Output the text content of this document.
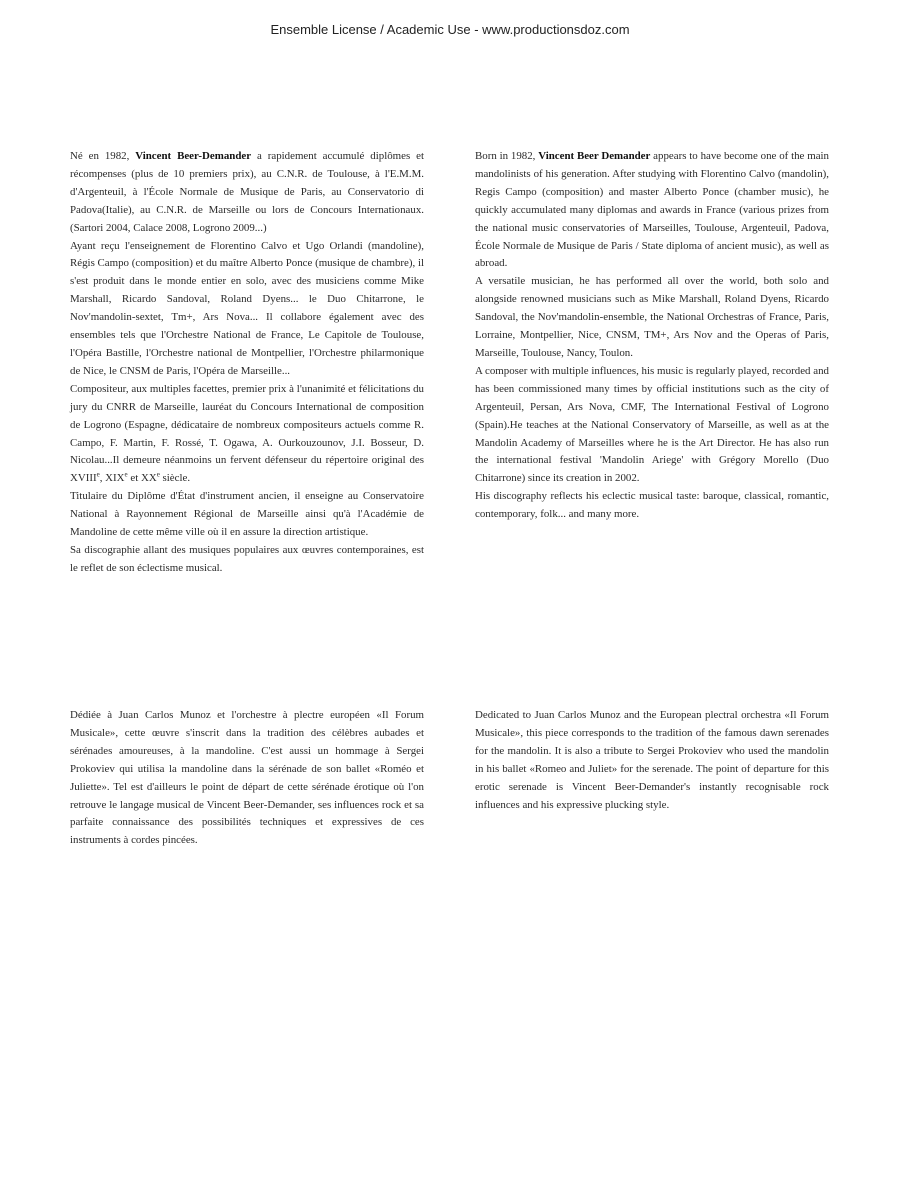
Ensemble License / Academic Use - www.productionsdoz.com

Né en 1982, Vincent Beer-Demander a rapidement accumulé diplômes et récompenses (plus de 10 premiers prix), au C.N.R. de Toulouse, à l'E.M.M. d'Argenteuil, à l'École Normale de Musique de Paris, au Conservatorio di Padova(Italie), au C.N.R. de Marseille ou lors de Concours Internationaux. (Sartori 2004, Calace 2008, Logrono 2009...)

Ayant reçu l'enseignement de Florentino Calvo et Ugo Orlandi (mandoline), Régis Campo (composition) et du maître Alberto Ponce (musique de chambre), il s'est produit dans le monde entier en solo, avec des musiciens comme Mike Marshall, Ricardo Sandoval, Roland Dyens... le Duo Chitarrone, le Nov'mandolin-sextet, Tm+, Ars Nova... Il collabore également avec des ensembles tels que l'Orchestre National de France, Le Capitole de Toulouse, l'Opéra Bastille, l'Orchestre national de Montpellier, l'Orchestre philarmonique de Nice, le CNSM de Paris, l'Opéra de Marseille...

Compositeur, aux multiples facettes, premier prix à l'unanimité et félicitations du jury du CNRR de Marseille, lauréat du Concours International de composition de Logrono (Espagne, dédicataire de nombreux compositeurs actuels comme R. Campo, F. Martin, F. Rossé, T. Ogawa, A. Ourkouzounov, J.I. Bosseur, D. Nicolau...Il demeure néanmoins un fervent défenseur du répertoire original des XVIIIe, XIXe et XXe siècle.

Titulaire du Diplôme d'État d'instrument ancien, il enseigne au Conservatoire National à Rayonnement Régional de Marseille ainsi qu'à l'Académie de Mandoline de cette même ville où il en assure la direction artistique.

Sa discographie allant des musiques populaires aux œuvres contemporaines, est le reflet de son éclectisme musical.

Born in 1982, Vincent Beer Demander appears to have become one of the main mandolinists of his generation. After studying with Florentino Calvo (mandolin), Regis Campo (composition) and master Alberto Ponce (chamber music), he quickly accumulated many diplomas and awards in France (various prizes from the national music conservatories of Marseilles, Toulouse, Argenteuil, Padova, École Normale de Musique de Paris / State diploma of ancient music), as well as abroad.

A versatile musician, he has performed all over the world, both solo and alongside renowned musicians such as Mike Marshall, Roland Dyens, Ricardo Sandoval, the Nov'mandolin-ensemble, the National Orchestras of France, Paris, Lorraine, Montpellier, Nice, CNSM, TM+, Ars Nov and the Operas of Paris, Marseille, Toulouse, Nancy, Toulon.

A composer with multiple influences, his music is regularly played, recorded and has been commissioned many times by official institutions such as the city of Argenteuil, Persan, Ars Nova, CMF, The International Festival of Logrono (Spain).He teaches at the National Conservatory of Marseille, as well as at the Mandolin Academy of Marseilles where he is the Art Director. He has also run the international festival 'Mandolin Ariege' with Grégory Morello (Duo Chitarrone) since its creation in 2002.

His discography reflects his eclectic musical taste: baroque, classical, romantic, contemporary, folk... and many more.

Dédiée à Juan Carlos Munoz et l'orchestre à plectre européen «Il Forum Musicale», cette œuvre s'inscrit dans la tradition des célèbres aubades et sérénades amoureuses, à la mandoline. C'est aussi un hommage à Sergei Prokoviev qui utilisa la mandoline dans la sérénade de son ballet «Roméo et Juliette». Tel est d'ailleurs le point de départ de cette sérénade érotique où l'on retrouve le langage musical de Vincent Beer-Demander, ses influences rock et sa parfaite connaissance des possibilités techniques et expressives de ces instruments à cordes pincées.

Dedicated to Juan Carlos Munoz and the European plectral orchestra «Il Forum Musicale», this piece corresponds to the tradition of the famous dawn serenades for the mandolin. It is also a tribute to Sergei Prokoviev who used the mandolin in his ballet «Romeo and Juliet» for the serenade. The point of departure for this erotic serenade is Vincent Beer-Demander's instantly recognisable rock influences and his expressive plucking style.
